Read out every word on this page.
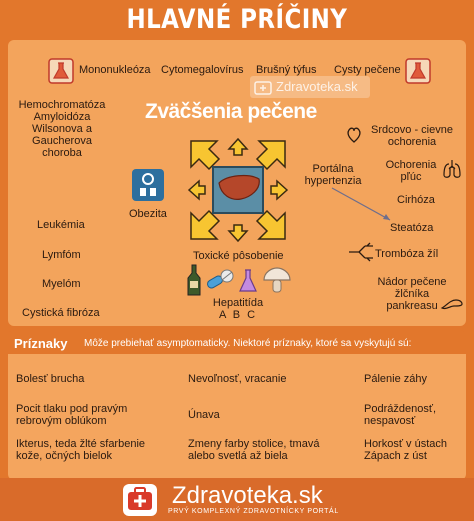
HLAVNÉ PRÍČINY
Zdravoteka.sk
Mononukleóza Cytomegalovírus Brušný týfus Cysty pečene
Hemochromatóza
Amyloidóza
Wilsonova a
Gaucherova
choroba
Zväčšenia pečene
Obezita
Leukémia
Lymfóm
Myelóm
Cystická fibróza
Toxické pôsobenie
Hepatitída
A B C
Srdcovo - cievne
ochorenia
Portálna
hypertenzia
Ochorenia
pľúc
Cirhóza
Steatóza
Trombóza žíl
Nádor pečene
žlčníka
pankreasu
Príznaky Môže prebiehať asymptomaticky. Niektoré príznaky, ktoré sa vyskytujú sú:
Bolesť brucha
Pocit tlaku pod pravým
rebrovým oblúkom
Ikterus, teda žlté sfarbenie
kože, očných bielok
Nevoľnosť, vracanie
Únava
Zmeny farby stolice, tmavá
alebo svetlá až biela
Pálenie záhy
Podráždenosť,
nespavosť
Horkosť v ústach
Zápach z úst
Zdravoteka.sk
PRVÝ KOMPLEXNÝ ZDRAVOTNÍCKY PORTÁL
